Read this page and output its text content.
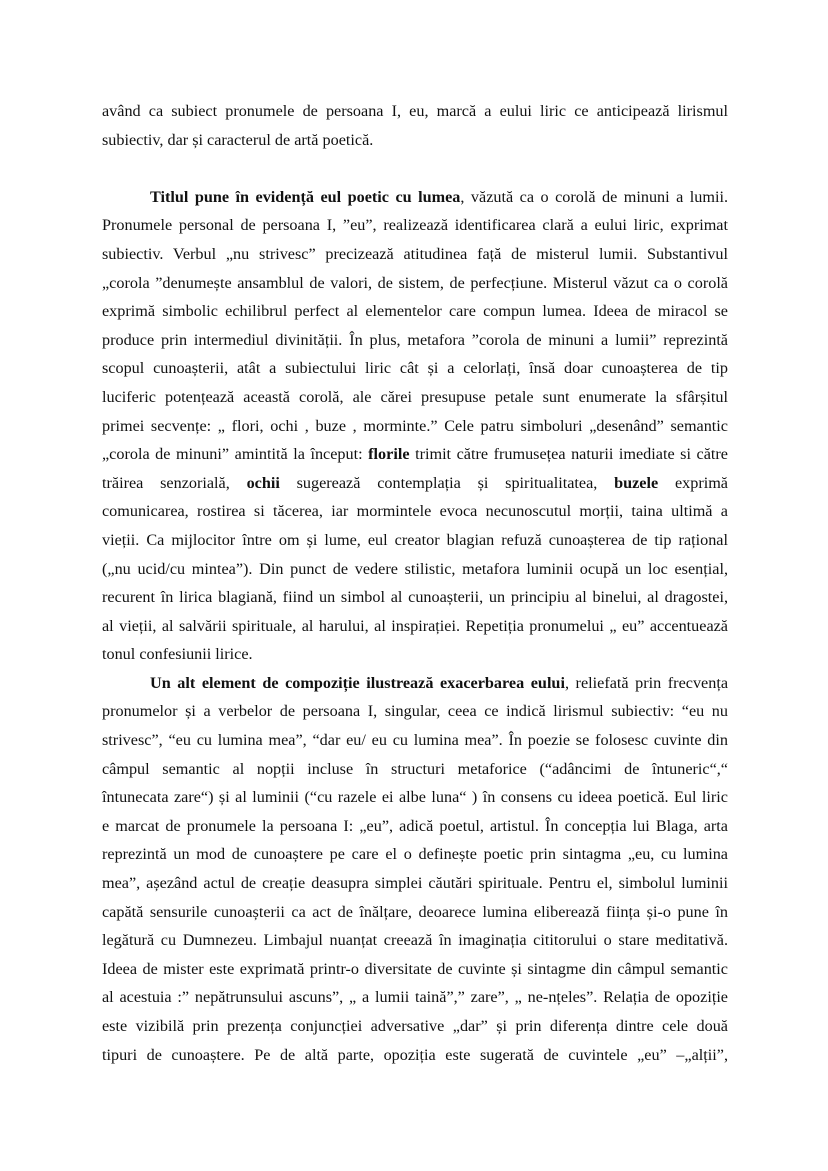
având ca subiect pronumele de persoana I, eu, marcă a eului liric ce anticipează lirismul
subiectiv, dar și caracterul de artă poetică.
Titlul pune în evidență eul poetic cu lumea, văzută ca o corolă de minuni a lumii.
Pronumele personal de persoana I, ”eu”, realizează identificarea clară a eului liric, exprimat
subiectiv. Verbul „nu strivesc” precizează atitudinea față de misterul lumii. Substantivul
„corola ”denumește ansamblul de valori, de sistem, de perfecțiune. Misterul văzut ca o corolă
exprimă simbolic echilibrul perfect al elementelor care compun lumea. Ideea de miracol se
produce prin intermediul divinității. În plus, metafora ”corola de minuni a lumii” reprezintă
scopul cunoașterii, atât a subiectului liric cât și a celorlați, însă doar cunoașterea de tip
luciferic potențează această corolă, ale cărei presupuse petale sunt enumerate la sfârșitul
primei secvențe: „ flori, ochi , buze , morminte.” Cele patru simboluri „desenând” semantic
„corola de minuni” amintită la început: florile trimit către frumusețea naturii imediate si către
trăirea senzorială, ochii sugerează contemplația și spiritualitatea, buzele exprimă
comunicarea, rostirea si tăcerea, iar mormintele evoca necunoscutul morții, taina ultimă a
vieții. Ca mijlocitor între om și lume, eul creator blagian refuză cunoașterea de tip rațional
(„nu ucid/cu mintea”). Din punct de vedere stilistic, metafora luminii ocupă un loc esențial,
recurent în lirica blagiană, fiind un simbol al cunoașterii, un principiu al binelui, al dragostei,
al vieții, al salvării spirituale, al harului, al inspirației. Repetiția pronumelui „ eu” accentuează
tonul confesiunii lirice.
Un alt element de compoziție ilustrează exacerbarea eului, reliefată prin frecvența
pronumelor și a verbelor de persoana I, singular, ceea ce indică lirismul subiectiv: “eu nu
strivesc”, “eu cu lumina mea”, “dar eu/ eu cu lumina mea”. În poezie se folosesc cuvinte din
câmpul semantic al nopții incluse în structuri metaforice (“adâncimi de întuneric“,“
întunecata zare“) și al luminii (“cu razele ei albe luna“ ) în consens cu ideea poetică. Eul liric
e marcat de pronumele la persoana I: „eu”, adică poetul, artistul. În concepția lui Blaga, arta
reprezintă un mod de cunoaștere pe care el o definește poetic prin sintagma „eu, cu lumina
mea”, așezând actul de creație deasupra simplei căutări spirituale. Pentru el, simbolul luminii
capătă sensurile cunoașterii ca act de înălțare, deoarece lumina eliberează ființa și-o pune în
legătură cu Dumnezeu. Limbajul nuanțat creează în imaginația cititorului o stare meditativă.
Ideea de mister este exprimată printr-o diversitate de cuvinte și sintagme din câmpul semantic
al acestuia :” nepătrunsului ascuns”, „ a lumii taină”,” zare”, „ ne-nțeles”. Relația de opoziție
este vizibilă prin prezența conjuncției adversative „dar” și prin diferența dintre cele două
tipuri de cunoaștere. Pe de altă parte, opoziția este sugerată de cuvintele „eu” –„alții”,
